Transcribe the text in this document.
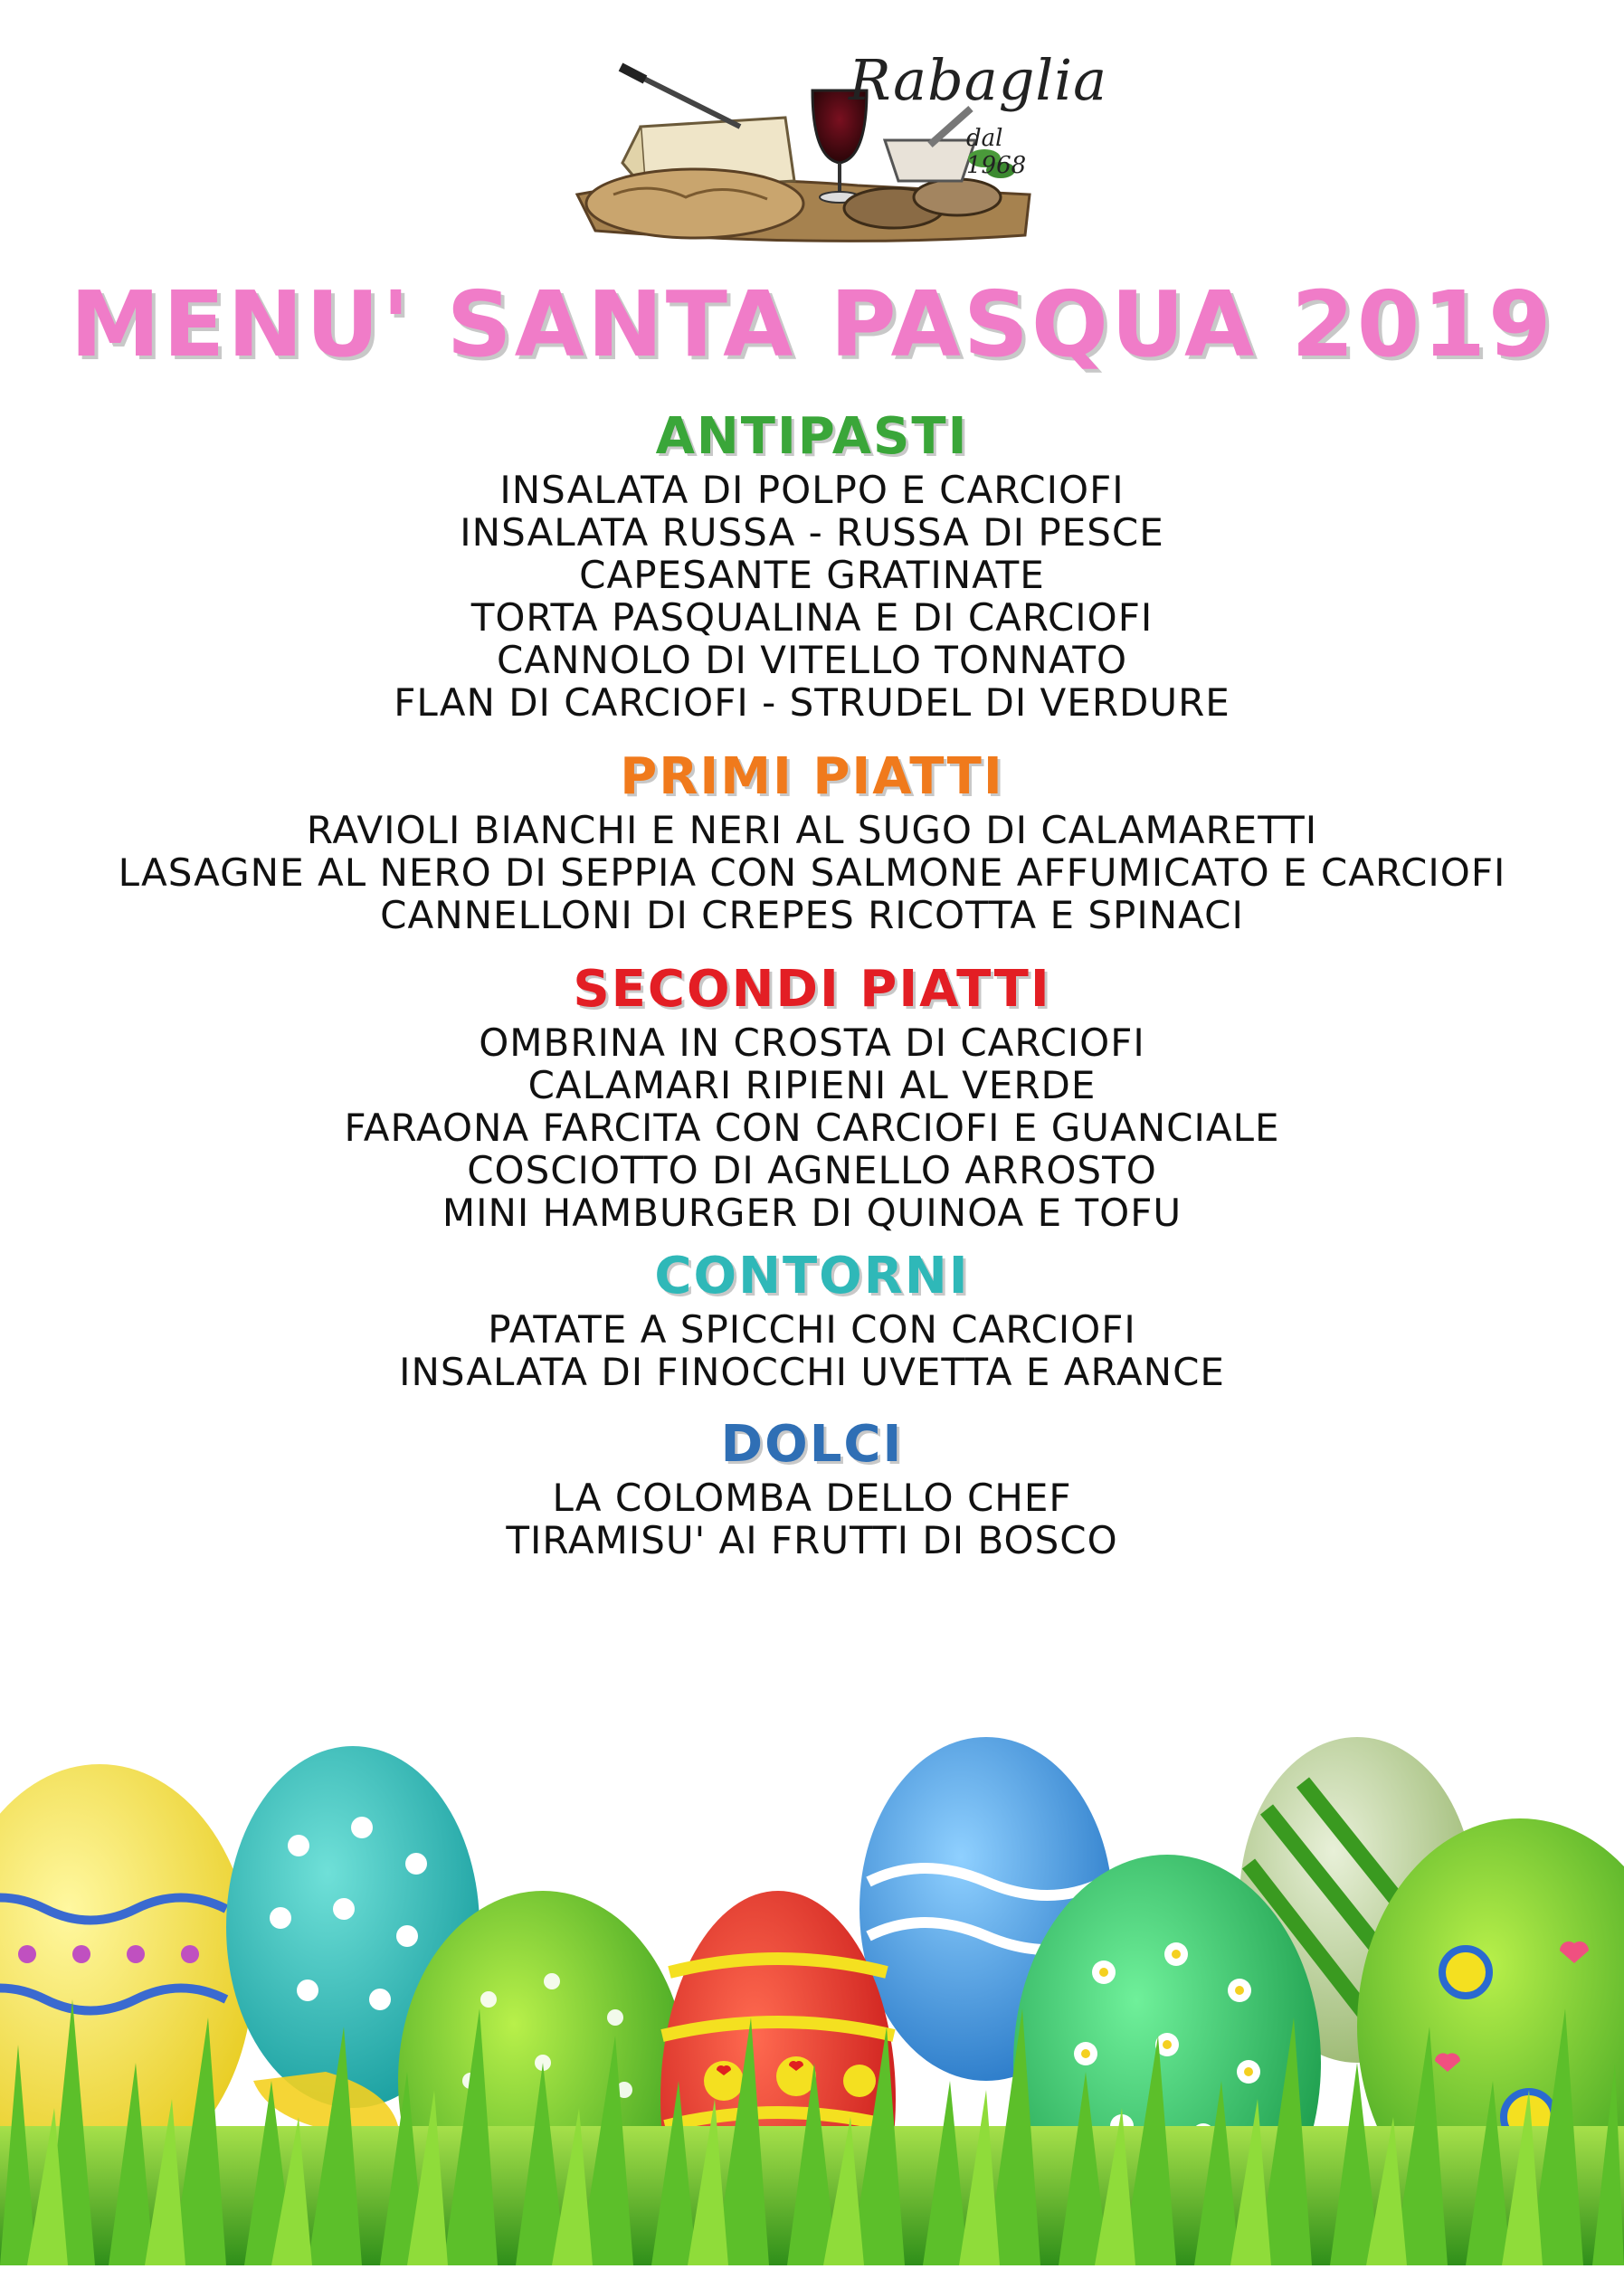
Rabaglia
dal 1968
MENU' SANTA PASQUA 2019
ANTIPASTI
INSALATA DI POLPO E CARCIOFI
INSALATA RUSSA - RUSSA DI PESCE
CAPESANTE GRATINATE
TORTA PASQUALINA E DI CARCIOFI
CANNOLO DI VITELLO TONNATO
FLAN DI CARCIOFI - STRUDEL DI VERDURE
PRIMI PIATTI
RAVIOLI BIANCHI E NERI AL SUGO DI CALAMARETTI
LASAGNE AL NERO DI SEPPIA CON SALMONE AFFUMICATO E CARCIOFI
CANNELLONI DI CREPES RICOTTA E SPINACI
SECONDI PIATTI
OMBRINA IN CROSTA DI CARCIOFI
CALAMARI RIPIENI AL VERDE
FARAONA FARCITA CON CARCIOFI E GUANCIALE
COSCIOTTO DI AGNELLO ARROSTO
MINI HAMBURGER DI QUINOA E TOFU
CONTORNI
PATATE A SPICCHI CON CARCIOFI
INSALATA DI FINOCCHI UVETTA E ARANCE
DOLCI
LA COLOMBA DELLO CHEF
TIRAMISU' AI FRUTTI DI BOSCO
